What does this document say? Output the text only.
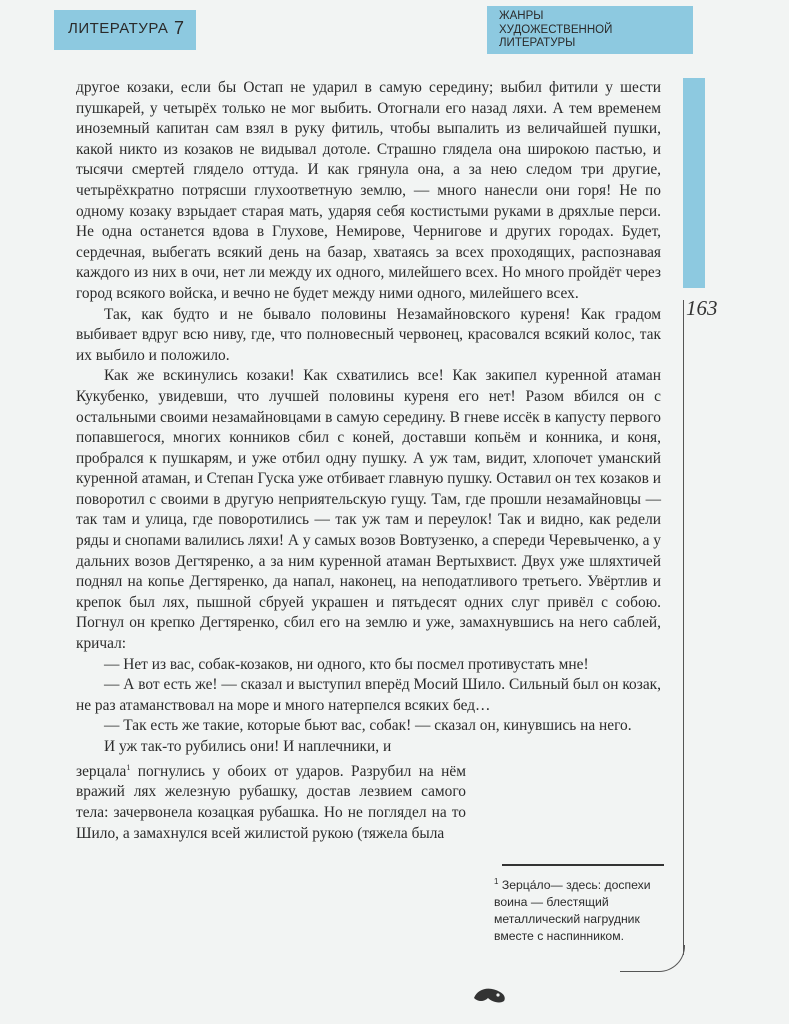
ЛИТЕРАТУРА 7
ЖАНРЫ
ХУДОЖЕСТВЕННОЙ
ЛИТЕРАТУРЫ
163

другое козаки, если бы Остап не ударил в самую середину; выбил фитили у шести пушкарей, у четырёх только не мог выбить. Отогнали его назад ляхи. А тем временем иноземный капитан сам взял в руку фитиль, чтобы выпалить из величайшей пушки, какой никто из козаков не видывал дотоле. Страшно глядела она широкою пастью, и тысячи смертей глядело оттуда. И как грянула она, а за нею следом три другие, четырёхкратно потрясши глухоответную землю, — много нанесли они горя! Не по одному козаку взрыдает старая мать, ударяя себя костистыми руками в дряхлые перси. Не одна останется вдова в Глухове, Немирове, Чернигове и других городах. Будет, сердечная, выбегать всякий день на базар, хватаясь за всех проходящих, распознавая каждого из них в очи, нет ли между их одного, милейшего всех. Но много пройдёт через город всякого войска, и вечно не будет между ними одного, милейшего всех.

Так, как будто и не бывало половины Незамайновского куреня! Как градом выбивает вдруг всю ниву, где, что полновесный червонец, красовался всякий колос, так их выбило и положило.

Как же вскинулись козаки! Как схватились все! Как закипел куренной атаман Кукубенко, увидевши, что лучшей половины куреня его нет! Разом вбился он с остальными своими незамайновцами в самую середину. В гневе иссёк в капусту первого попавшегося, многих конников сбил с коней, доставши копьём и конника, и коня, пробрался к пушкарям, и уже отбил одну пушку. А уж там, видит, хлопочет уманский куренной атаман, и Степан Гуска уже отбивает главную пушку. Оставил он тех козаков и поворотил с своими в другую неприятельскую гущу. Там, где прошли незамайновцы — так там и улица, где поворотились — так уж там и переулок! Так и видно, как редели ряды и снопами валились ляхи! А у самых возов Вовтузенко, а спереди Черевыченко, а у дальних возов Дегтяренко, а за ним куренной атаман Вертыхвист. Двух уже шляхтичей поднял на копье Дегтяренко, да напал, наконец, на неподатливого третьего. Увёртлив и крепок был лях, пышной сбруей украшен и пятьдесят одних слуг привёл с собою. Погнул он крепко Дегтяренко, сбил его на землю и уже, замахнувшись на него саблей, кричал:

— Нет из вас, собак-козаков, ни одного, кто бы посмел противустать мне!

— А вот есть же! — сказал и выступил вперёд Мосий Шило. Сильный был он козак, не раз атаманствовал на море и много натерпелся всяких бед…

— Так есть же такие, которые бьют вас, собак! — сказал он, кинувшись на него.

И уж так-то рубились они! И наплечники, и

зерцала$^1$ погнулись у обоих от ударов. Разрубил на нём вражий лях железную рубашку, достав лезвием самого тела: зачервонела козацкая рубашка. Но не поглядел на то Шило, а замахнулся всей жилистой рукою (тяжела была

$^1$ Зерца́ло— здесь: доспехи воина — блестящий металлический нагрудник вместе с наспинником.
